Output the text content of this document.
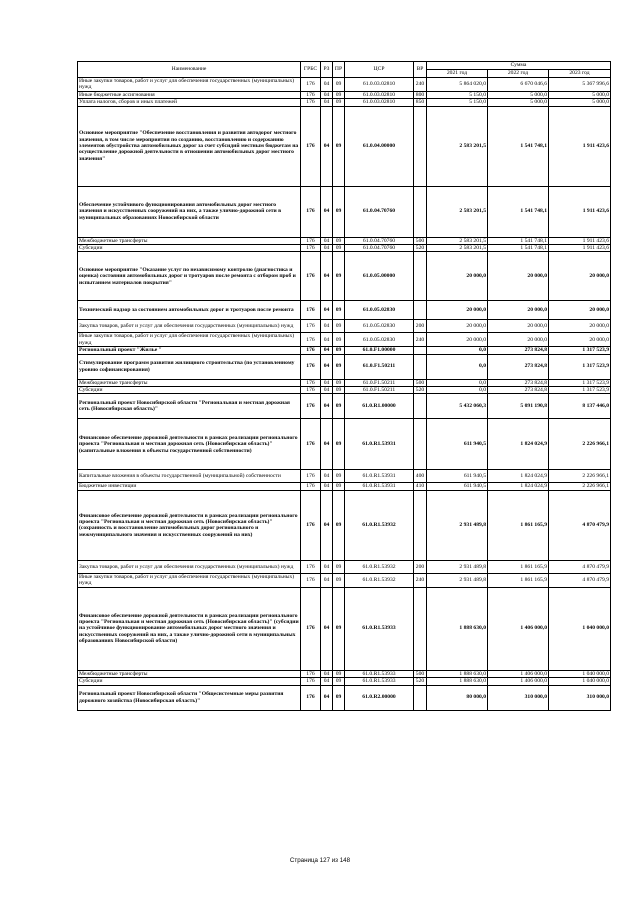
Наименование	ГРБС	РЗ	ПР	ЦСР	ВР	Сумма		
						2021 год	2022 год	2023 год
Иные закупки товаров, работ и услуг для обеспечения государственных (муниципальных) нужд	176	04	09	61.0.03.02810	240	5 864 020,0	6 670 046,6	5 367 996,6
Иные бюджетные ассигнования	176	04	09	61.0.03.02810	800	5 150,0	5 000,0	5 000,0
Уплата налогов, сборов и иных платежей	176	04	09	61.0.03.02810	850	5 150,0	5 000,0	5 000,0
Основное мероприятие "Обеспечение восстановления и развития автодорог местного значения, в том числе мероприятия по созданию, восстановлению и содержанию элементов обустройства автомобильных дорог за счет субсидий местным бюджетам на осуществление дорожной деятельности в отношении автомобильных дорог местного значения"	176	04	09	61.0.04.00000		2 583 201,5	1 541 748,1	1 911 423,6
Обеспечение устойчивого функционирования автомобильных дорог местного значения и искусственных сооружений на них, а также улично-дорожной сети в муниципальных образованиях Новосибирской области	176	04	09	61.0.04.70760		2 583 201,5	1 541 748,1	1 911 423,6
Межбюджетные трансферты	176	04	09	61.0.04.70760	500	2 583 201,5	1 541 748,1	1 911 423,6
Субсидии	176	04	09	61.0.04.70760	520	2 583 201,5	1 541 748,1	1 911 423,6
Основное мероприятие "Оказание услуг по независимому контролю (диагностика и оценка) состояния автомобильных дорог и тротуаров после ремонта с отбором проб и испытанием материалов покрытия"	176	04	09	61.0.05.00000		20 000,0	20 000,0	20 000,0
Технический надзор за состоянием автомобильных дорог и тротуаров после ремонта	176	04	09	61.0.05.02830		20 000,0	20 000,0	20 000,0
Закупка товаров, работ и услуг для обеспечения государственных (муниципальных) нужд	176	04	09	61.0.05.02830	200	20 000,0	20 000,0	20 000,0
Иные закупки товаров, работ и услуг для обеспечения государственных (муниципальных) нужд	176	04	09	61.0.05.02830	240	20 000,0	20 000,0	20 000,0
Региональный проект "Жилье "	176	04	09	61.0.F1.00000		0,0	273 824,8	1 317 523,9
Стимулирование программ развития жилищного строительства (по установленному уровню софинансирования)	176	04	09	61.0.F1.50211		0,0	273 824,8	1 317 523,9
Межбюджетные трансферты	176	04	09	61.0.F1.50211	500	0,0	273 824,8	1 317 523,9
Субсидии	176	04	09	61.0.F1.50211	520	0,0	273 824,8	1 317 523,9
Региональный проект Новосибирской области "Региональная и местная дорожная сеть (Новосибирская область)"	176	04	09	61.0.R1.00000		5 432 060,3	5 091 190,8	8 137 446,0
Финансовое обеспечение дорожной деятельности в рамках реализации регионального проекта "Региональная и местная дорожная сеть (Новосибирская область)" (капитальные вложения в объекты государственной собственности)	176	04	09	61.0.R1.53931		611 940,5	1 824 024,9	2 226 966,1
Капитальные вложения в объекты государственной (муниципальной) собственности	176	04	09	61.0.R1.53931	400	611 940,5	1 824 024,9	2 226 966,1
Бюджетные инвестиции	176	04	09	61.0.R1.53931	410	611 940,5	1 824 024,9	2 226 966,1
Финансовое обеспечение дорожной деятельности в рамках реализации регионального проекта "Региональная и местная дорожная сеть (Новосибирская область)" (сохранность и восстановление автомобильных дорог регионального и межмуниципального значения и искусственных сооружений на них)	176	04	09	61.0.R1.53932		2 931 489,8	1 861 165,9	4 870 479,9
Закупка товаров, работ и услуг для обеспечения государственных (муниципальных) нужд	176	04	09	61.0.R1.53932	200	2 931 489,8	1 861 165,9	4 870 479,9
Иные закупки товаров, работ и услуг для обеспечения государственных (муниципальных) нужд	176	04	09	61.0.R1.53932	240	2 931 489,8	1 861 165,9	4 870 479,9
Финансовое обеспечение дорожной деятельности в рамках реализации регионального проекта "Региональная и местная дорожная сеть (Новосибирская область)" (субсидии на устойчивое функционирование автомобильных дорог местного значения и искусственных сооружений на них, а также улично-дорожной сети в муниципальных образованиях Новосибирской области)	176	04	09	61.0.R1.53933		1 888 630,0	1 406 000,0	1 040 000,0
Межбюджетные трансферты	176	04	09	61.0.R1.53933	500	1 888 630,0	1 406 000,0	1 040 000,0
Субсидии	176	04	09	61.0.R1.53933	520	1 888 630,0	1 406 000,0	1 040 000,0
Региональный проект Новосибирской области "Общесистемные меры развития дорожного хозяйства (Новосибирская область)"	176	04	09	61.0.R2.00000		80 000,0	310 000,0	310 000,0
Страница 127 из 148
